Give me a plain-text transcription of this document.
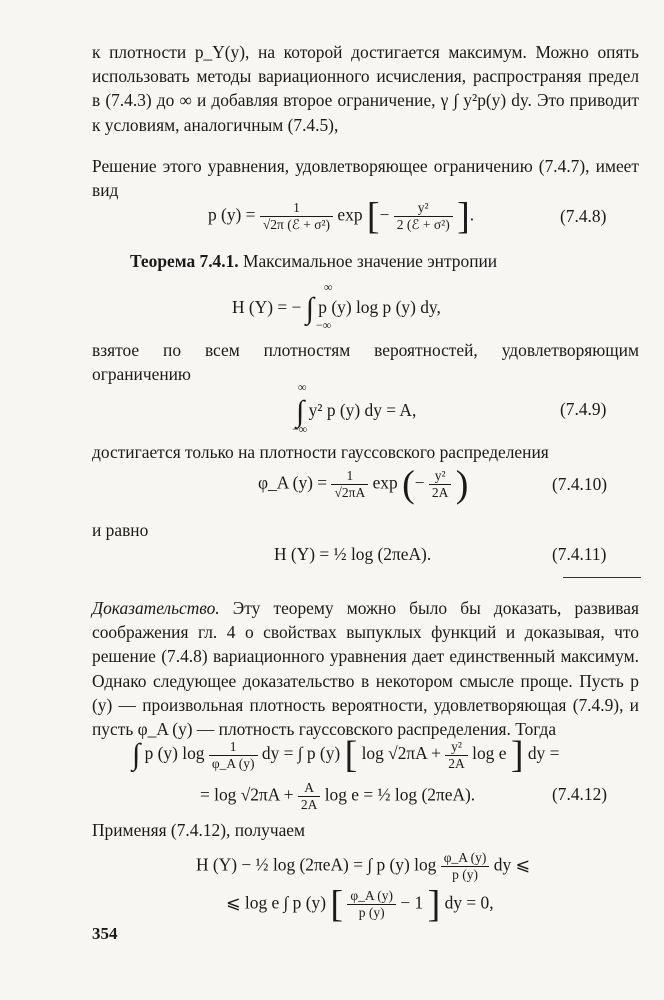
к плотности p_Y(y), на которой достигается максимум. Можно опять использовать методы вариационного исчисления, распространяя предел в (7.4.3) до ∞ и добавляя второе ограничение, γ ∫ y²p(y) dy. Это приводит к условиям, аналогичным (7.4.5),
Решение этого уравнения, удовлетворяющее ограничению (7.4.7), имеет вид
p $(y) = \frac{1}{\text{√2π (ℰ + σ²)}}$ exp [− $\frac{\text{y²}}{\text{2 (ℰ + σ²)}}$ ].	(7.4.8)
Теорема 7.4.1. Максимальное значение энтропии
H (Y) = − ∫ p (y) log p (y) dy,
∞
−∞
взятое по всем плотностям вероятностей, удовлетворяющим ограничению
∫ y² p (y) dy = A,
∞
−∞
(7.4.9)
достигается только на плотности гауссовского распределения
φ_A $(y) = \frac{1}{√2\pi A}$ exp (− $\frac{\text{y²}}{2A}$ )	(7.4.10)
и равно
H (Y) = ½ log (2πeA).	(7.4.11)
Доказательство. Эту теорему можно было бы доказать, развивая соображения гл. 4 о свойствах выпуклых функций и доказывая, что решение (7.4.8) вариационного уравнения дает единственный максимум. Однако следующее доказательство в некотором смысле проще. Пусть p (y) — произвольная плотность вероятности, удовлетворяющая (7.4.9), и пусть φ_A (y) — плотность гауссовского распределения. Тогда
∫ p (y) $\log \frac{1}{\varphi\_A (y)}$ dy = ∫ p (y) [ $\log √2\pi A + \frac{\text{y²}}{2A}$ log e ] dy =
= $\log √2\pi A + \frac{A}{2A}$ log e = ½ log (2πeA).	(7.4.12)
Применяя (7.4.12), получаем
H (Y) − ½ log (2πeA) = ∫ p (y) $\log \frac{\varphi\_A (y)}{p (y)}$ dy ⩽
⩽ log e ∫ p (y) [ $\frac{\varphi\_A (y)}{p (y)} - 1$ ] dy = 0,
354
